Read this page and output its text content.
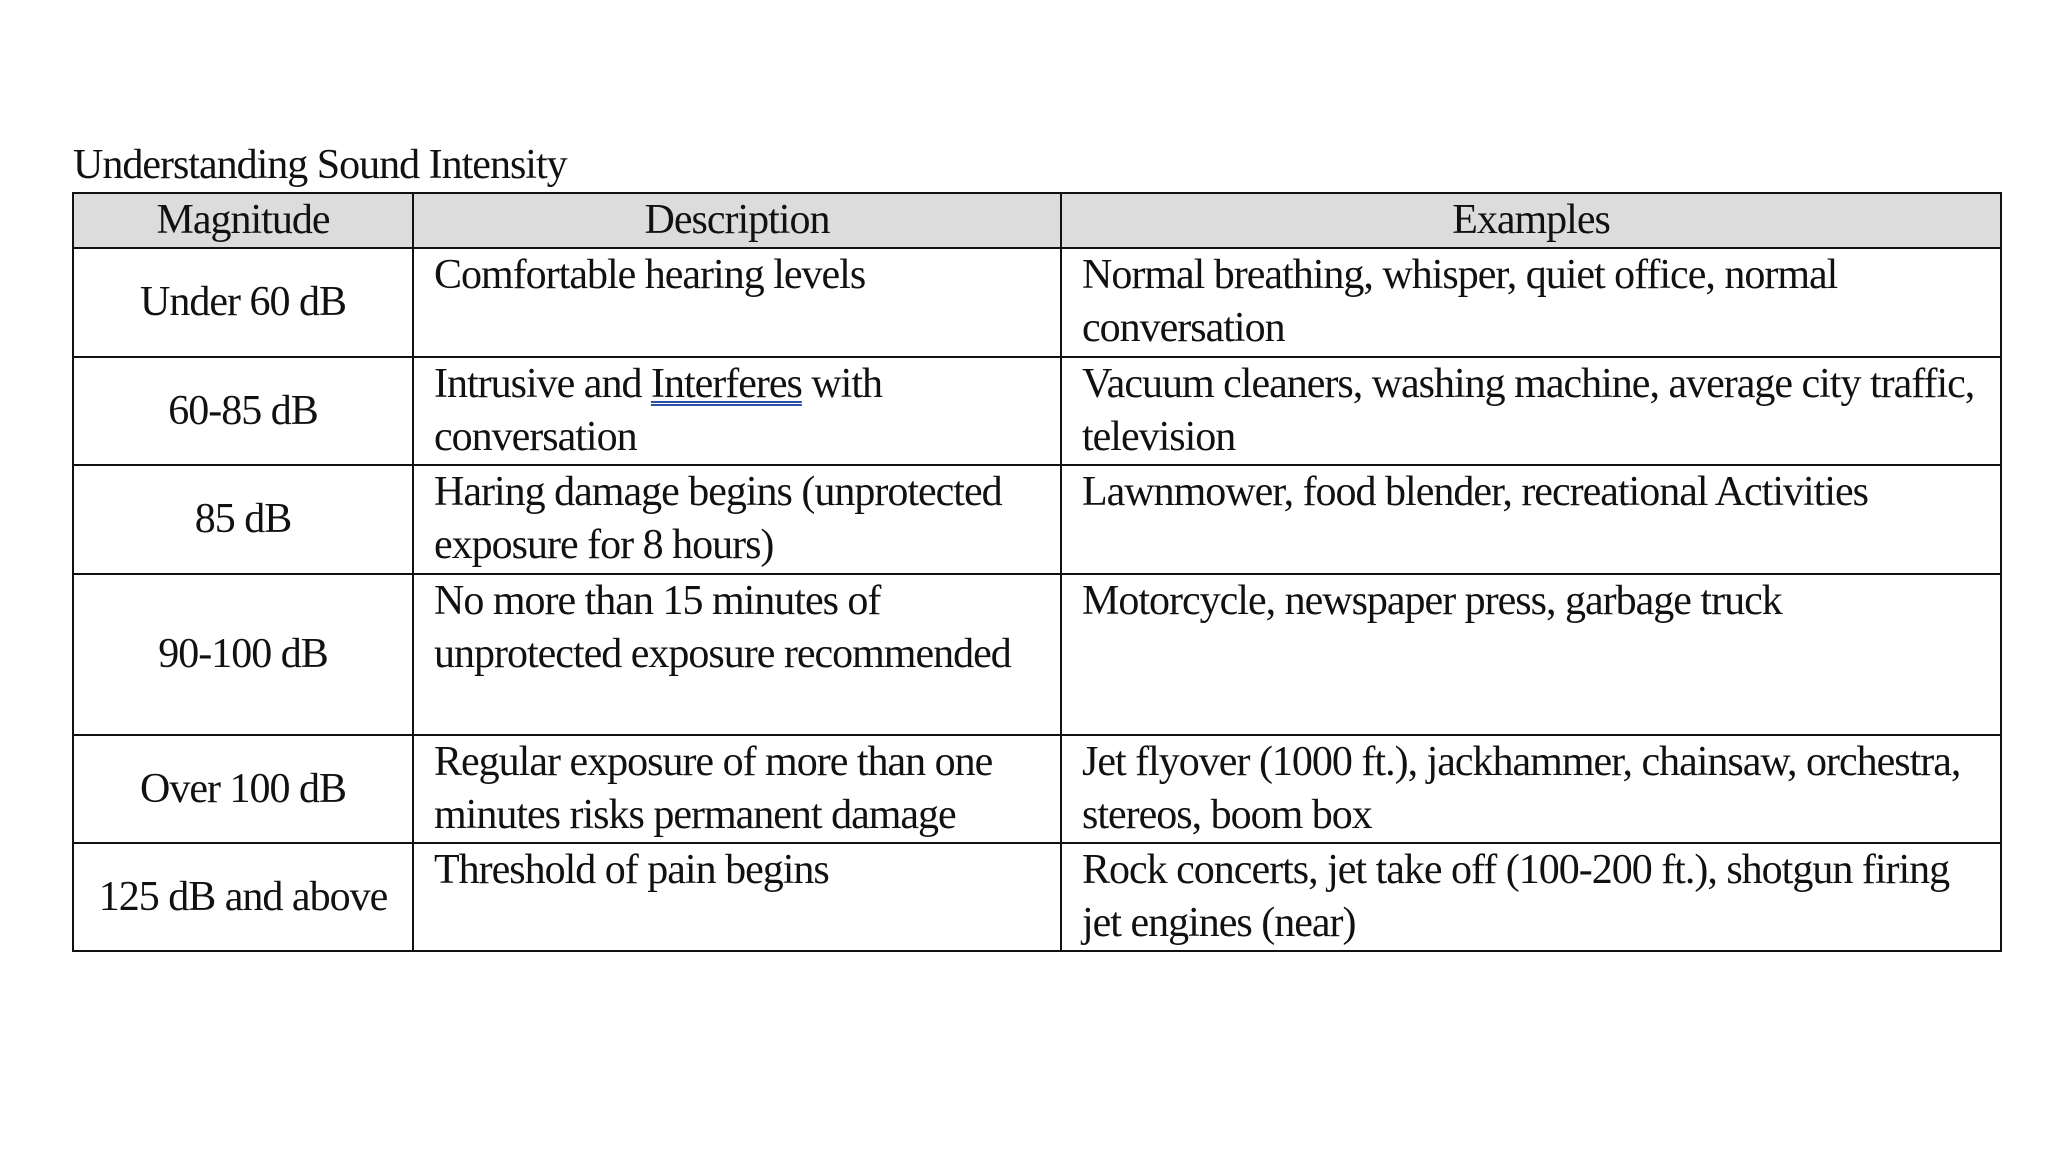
Understanding Sound Intensity
Magnitude	Description	Examples
Under 60 dB	Comfortable hearing levels	Normal breathing, whisper, quiet office, normal conversation
60-85 dB	Intrusive and Interferes with conversation	Vacuum cleaners, washing machine, average city traffic, television
85 dB	Haring damage begins (unprotected exposure for 8 hours)	Lawnmower, food blender, recreational Activities
90-100 dB	No more than 15 minutes of unprotected exposure recommended	Motorcycle, newspaper press, garbage truck
Over 100 dB	Regular exposure of more than one minutes risks permanent damage	Jet flyover (1000 ft.), jackhammer, chainsaw, orchestra, stereos, boom box
125 dB and above	Threshold of pain begins	Rock concerts, jet take off (100-200 ft.), shotgun firing jet engines (near)
